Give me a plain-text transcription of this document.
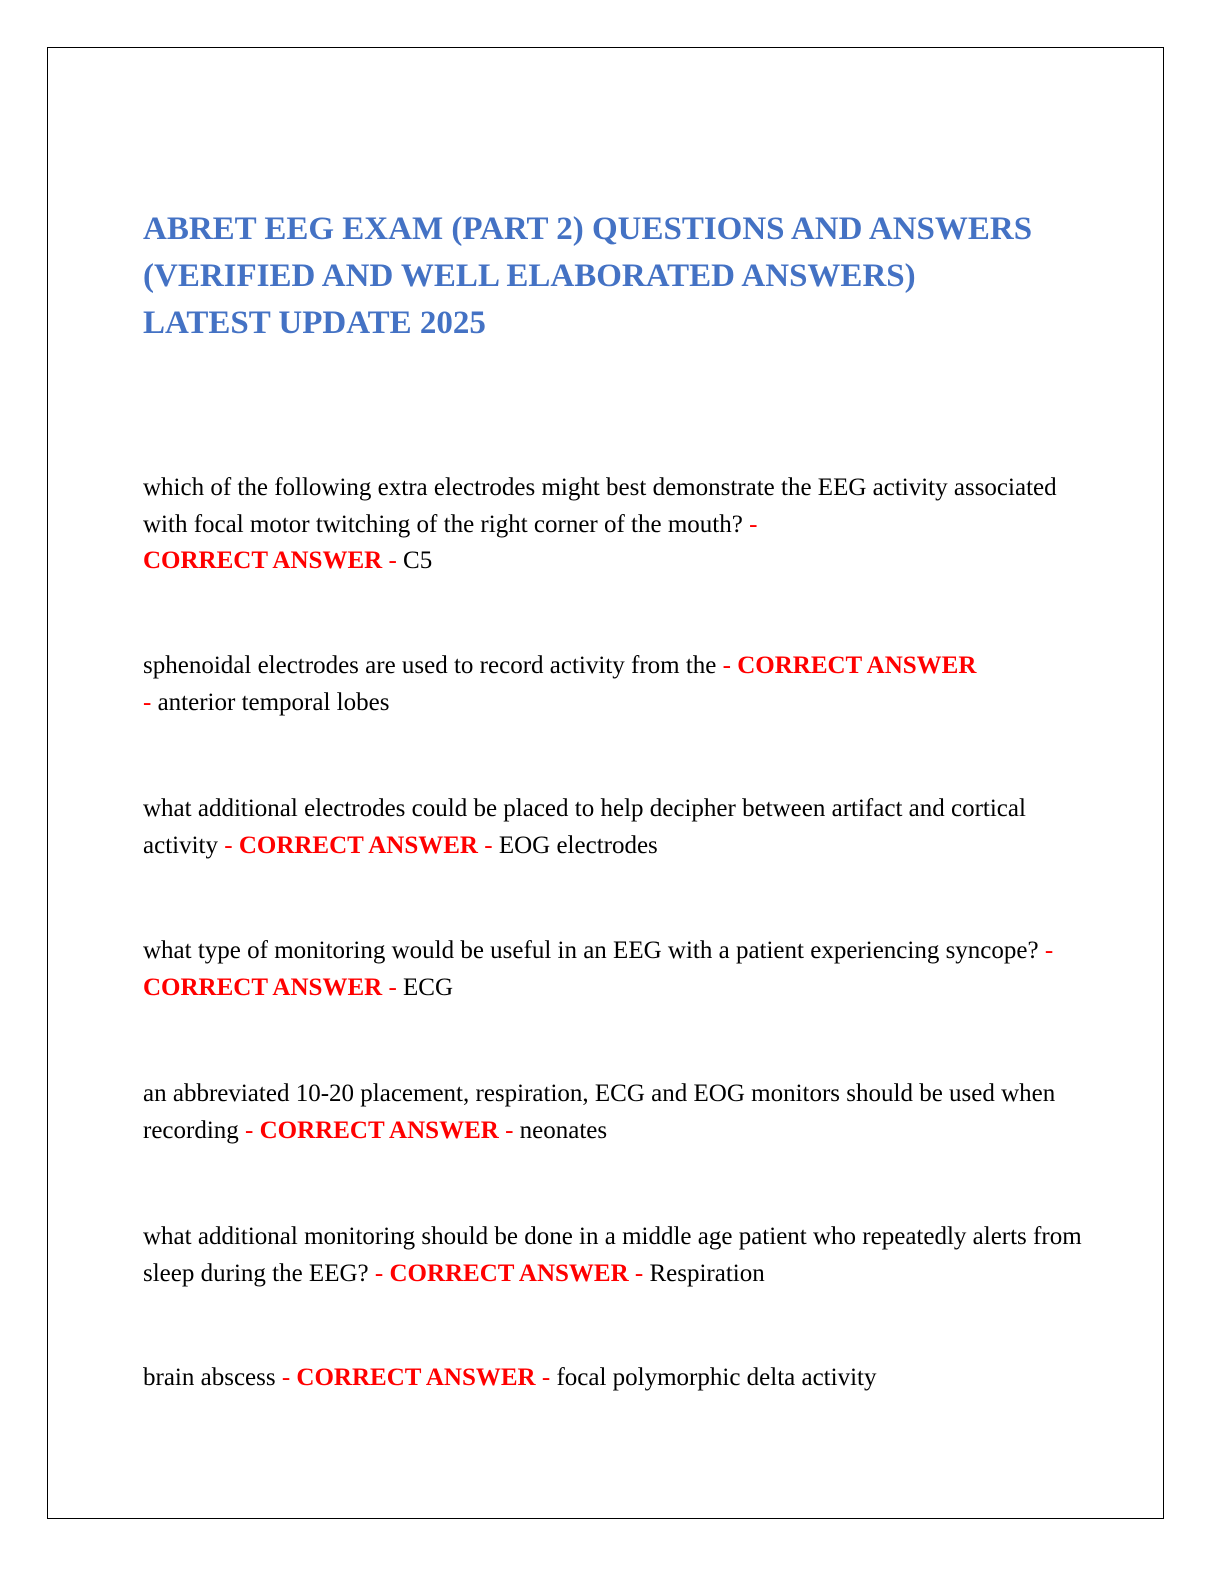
ABRET EEG EXAM (PART 2) QUESTIONS AND ANSWERS (VERIFIED AND WELL ELABORATED ANSWERS) LATEST UPDATE 2025

which of the following extra electrodes might best demonstrate the EEG activity associated with focal motor twitching of the right corner of the mouth? -
CORRECT ANSWER - C5

sphenoidal electrodes are used to record activity from the - CORRECT ANSWER
- anterior temporal lobes

what additional electrodes could be placed to help decipher between artifact and cortical activity - CORRECT ANSWER - EOG electrodes

what type of monitoring would be useful in an EEG with a patient experiencing syncope? - CORRECT ANSWER - ECG

an abbreviated 10-20 placement, respiration, ECG and EOG monitors should be used when recording - CORRECT ANSWER - neonates

what additional monitoring should be done in a middle age patient who repeatedly alerts from sleep during the EEG? - CORRECT ANSWER - Respiration

brain abscess - CORRECT ANSWER - focal polymorphic delta activity
